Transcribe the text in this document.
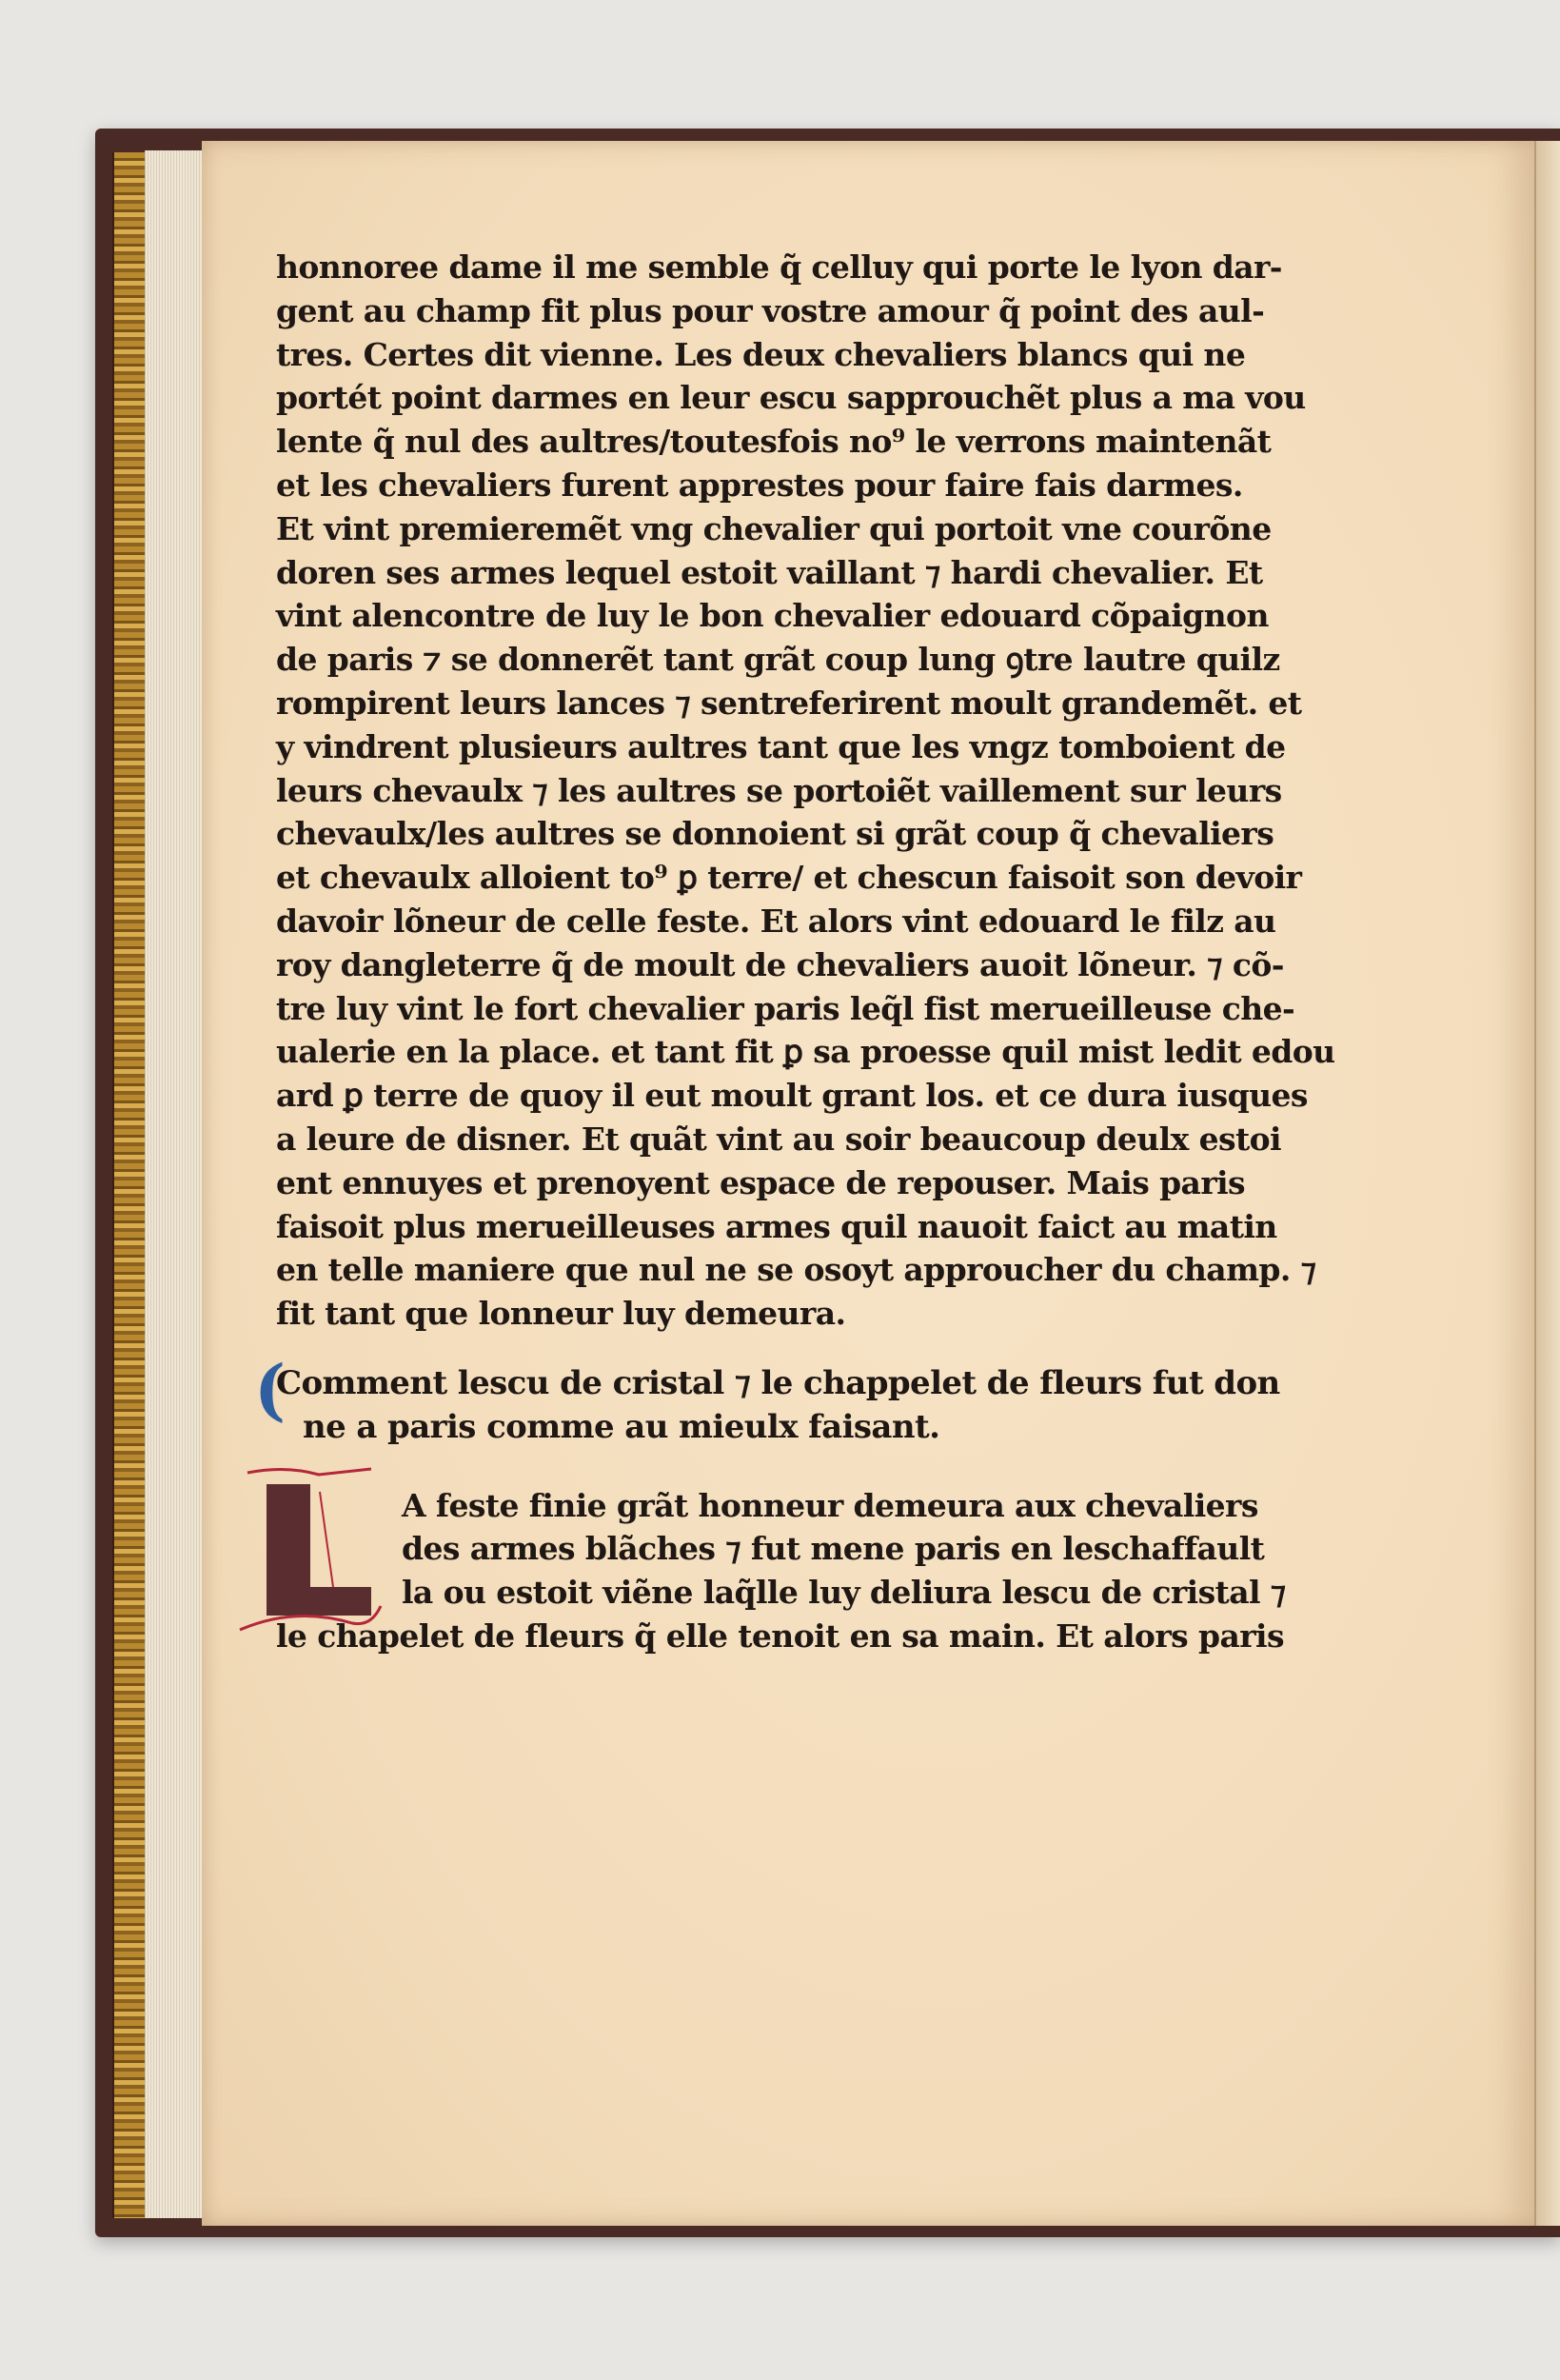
honnoree dame il me semble q̃ celluy qui porte le lyon dar-
gent au champ fit plus pour vostre amour q̃ point des aul-
tres. Certes dit vienne. Les deux chevaliers blancs qui ne
portét point darmes en leur escu sapprouchẽt plus a ma vou
lente q̃ nul des aultres/toutesfois no⁹ le verrons maintenãt
et les chevaliers furent apprestes pour faire fais darmes.
Et vint premieremẽt vng chevalier qui portoit vne courõne
doren ses armes lequel estoit vaillant ⁊ hardi chevalier. Et
vint alencontre de luy le bon chevalier edouard cõpaignon
de paris ⁊ se donnerẽt tant grãt coup lung ꝯtre lautre quilz
rompirent leurs lances ⁊ sentreferirent moult grandemẽt. et
y vindrent plusieurs aultres tant que les vngz tomboient de
leurs chevaulx ⁊ les aultres se portoiẽt vaillement sur leurs
chevaulx/les aultres se donnoient si grãt coup q̃ chevaliers
et chevaulx alloient to⁹ ꝑ terre/ et chescun faisoit son devoir
davoir lõneur de celle feste. Et alors vint edouard le filz au
roy dangleterre q̃ de moult de chevaliers auoit lõneur. ⁊ cõ-
tre luy vint le fort chevalier paris leq̃l fist merueilleuse che-
ualerie en la place. et tant fit ꝑ sa proesse quil mist ledit edou
ard ꝑ terre de quoy il eut moult grant los. et ce dura iusques
a leure de disner. Et quãt vint au soir beaucoup deulx estoi
ent ennuyes et prenoyent espace de repouser. Mais paris
faisoit plus merueilleuses armes quil nauoit faict au matin
en telle maniere que nul ne se osoyt approucher du champ. ⁊
fit tant que lonneur luy demeura.
(
Comment lescu de cristal ⁊ le chappelet de fleurs fut don
ne a paris comme au mieulx faisant.
A feste finie grãt honneur demeura aux chevaliers
des armes blãches ⁊ fut mene paris en leschaffault
la ou estoit viẽne laq̃lle luy deliura lescu de cristal ⁊
le chapelet de fleurs q̃ elle tenoit en sa main. Et alors paris
